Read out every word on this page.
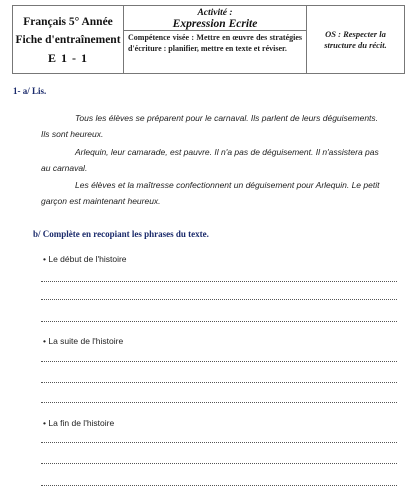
Français 5° Année
Fiche d'entraînement
E 1 - 1
Activité :
Expression Ecrite
Compétence visée : Mettre en œuvre des stratégies d'écriture : planifier, mettre en texte et réviser.
OS : Respecter la structure du récit.
1- a/ Lis.
Tous les élèves se préparent pour le carnaval. Ils parlent de leurs déguisements.
Ils sont heureux.
Arlequin, leur camarade, est pauvre. Il n'a pas de déguisement. Il n'assistera pas
au carnaval.
Les élèves et la maîtresse confectionnent un déguisement pour Arlequin. Le petit
garçon est maintenant heureux.
b/ Complète en recopiant les phrases du texte.
• Le début de l'histoire
• La suite de l'histoire
• La fin de l'histoire
